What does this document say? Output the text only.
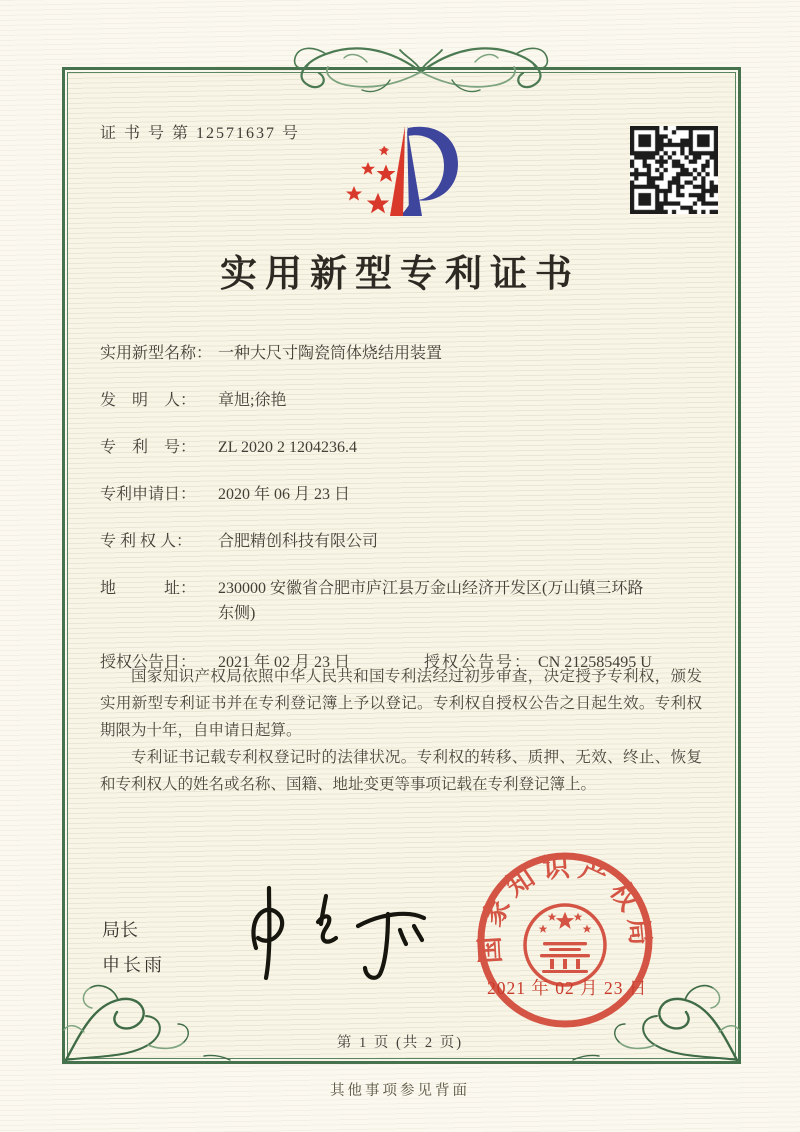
证 书 号 第 12571637 号
实用新型专利证书
实用新型名称： 一种大尺寸陶瓷筒体烧结用装置
发　明　人：	章旭;徐艳
专　利　号：	ZL 2020 2 1204236.4
专利申请日：	2020 年 06 月 23 日
专 利 权 人：	合肥精创科技有限公司
地　　　址：	230000 安徽省合肥市庐江县万金山经济开发区(万山镇三环路东侧)
授权公告日：	2021 年 02 月 23 日	授权公告号： CN 212585495 U

国家知识产权局依照中华人民共和国专利法经过初步审查，决定授予专利权，颁发实用新型专利证书并在专利登记簿上予以登记。专利权自授权公告之日起生效。专利权期限为十年，自申请日起算。

专利证书记载专利权登记时的法律状况。专利权的转移、质押、无效、终止、恢复和专利权人的姓名或名称、国籍、地址变更等事项记载在专利登记簿上。

局长
申长雨
国家知识产权局
2021 年 02 月 23 日
第 1 页 (共 2 页)
其他事项参见背面
